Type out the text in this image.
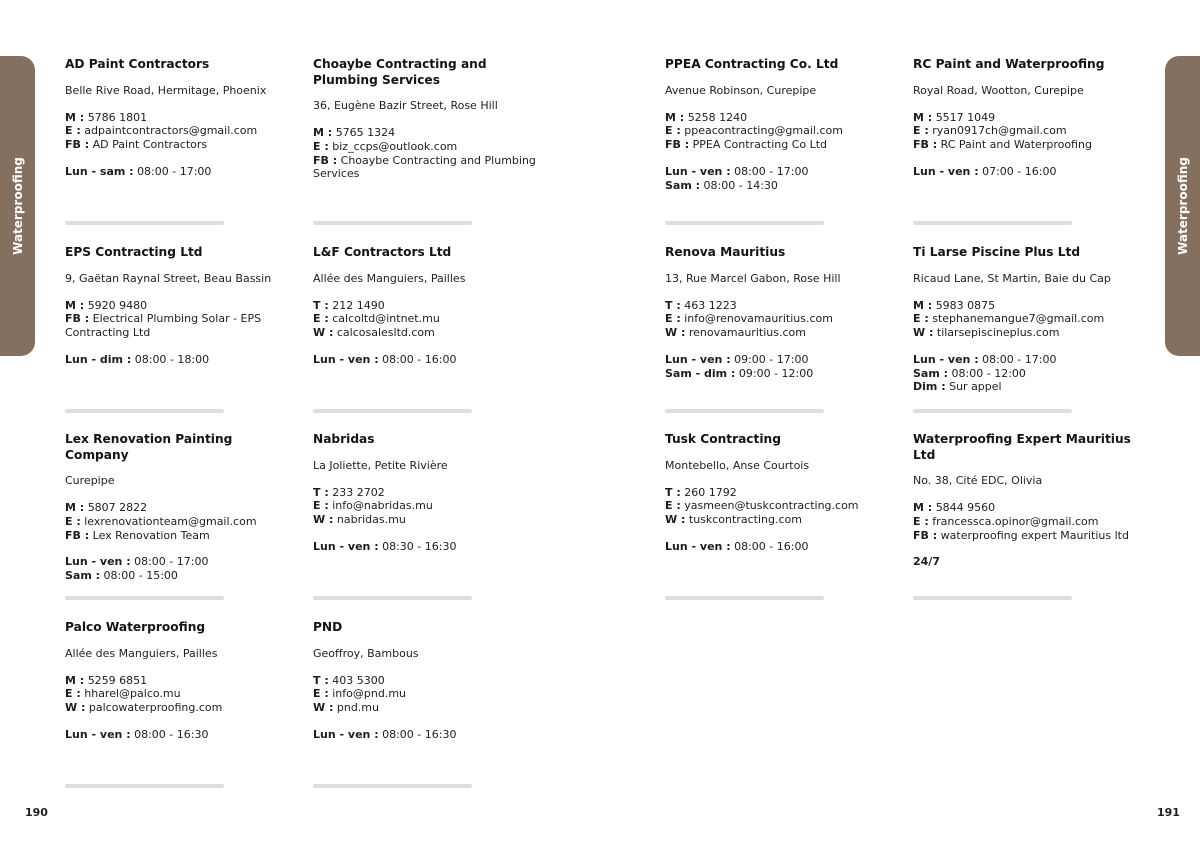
Waterproofing	Waterproofing
AD Paint Contractors
Belle Rive Road, Hermitage, Phoenix
M : 5786 1801
E : adpaintcontractors@gmail.com
FB : AD Paint Contractors
Lun - sam : 08:00 - 17:00
Choaybe Contracting and Plumbing Services
36, Eugène Bazir Street, Rose Hill
M : 5765 1324
E : biz_ccps@outlook.com
FB : Choaybe Contracting and Plumbing Services
PPEA Contracting Co. Ltd
Avenue Robinson, Curepipe
M : 5258 1240
E : ppeacontracting@gmail.com
FB : PPEA Contracting Co Ltd
Lun - ven : 08:00 - 17:00
Sam : 08:00 - 14:30
RC Paint and Waterproofing
Royal Road, Wootton, Curepipe
M : 5517 1049
E : ryan0917ch@gmail.com
FB : RC Paint and Waterproofing
Lun - ven : 07:00 - 16:00
EPS Contracting Ltd
9, Gaëtan Raynal Street, Beau Bassin
M : 5920 9480
FB : Electrical Plumbing Solar - EPS Contracting Ltd
Lun - dim : 08:00 - 18:00
L&F Contractors Ltd
Allée des Manguiers, Pailles
T : 212 1490
E : calcoltd@intnet.mu
W : calcosalesltd.com
Lun - ven : 08:00 - 16:00
Renova Mauritius
13, Rue Marcel Gabon, Rose Hill
T : 463 1223
E : info@renovamauritius.com
W : renovamauritius.com
Lun - ven : 09:00 - 17:00
Sam - dim : 09:00 - 12:00
Ti Larse Piscine Plus Ltd
Ricaud Lane, St Martin, Baie du Cap
M : 5983 0875
E : stephanemangue7@gmail.com
W : tilarsepiscineplus.com
Lun - ven : 08:00 - 17:00
Sam : 08:00 - 12:00
Dim : Sur appel
Lex Renovation Painting Company
Curepipe
M : 5807 2822
E : lexrenovationteam@gmail.com
FB : Lex Renovation Team
Lun - ven : 08:00 - 17:00
Sam : 08:00 - 15:00
Nabridas
La Joliette, Petite Rivière
T : 233 2702
E : info@nabridas.mu
W : nabridas.mu
Lun - ven : 08:30 - 16:30
Tusk Contracting
Montebello, Anse Courtois
T : 260 1792
E : yasmeen@tuskcontracting.com
W : tuskcontracting.com
Lun - ven : 08:00 - 16:00
Waterproofing Expert Mauritius Ltd
No. 38, Cité EDC, Olivia
M : 5844 9560
E : francessca.opinor@gmail.com
FB : waterproofing expert Mauritius ltd
24/7
Palco Waterproofing
Allée des Manguiers, Pailles
M : 5259 6851
E : hharel@palco.mu
W : palcowaterproofing.com
Lun - ven : 08:00 - 16:30
PND
Geoffroy, Bambous
T : 403 5300
E : info@pnd.mu
W : pnd.mu
Lun - ven : 08:00 - 16:30
190	191
